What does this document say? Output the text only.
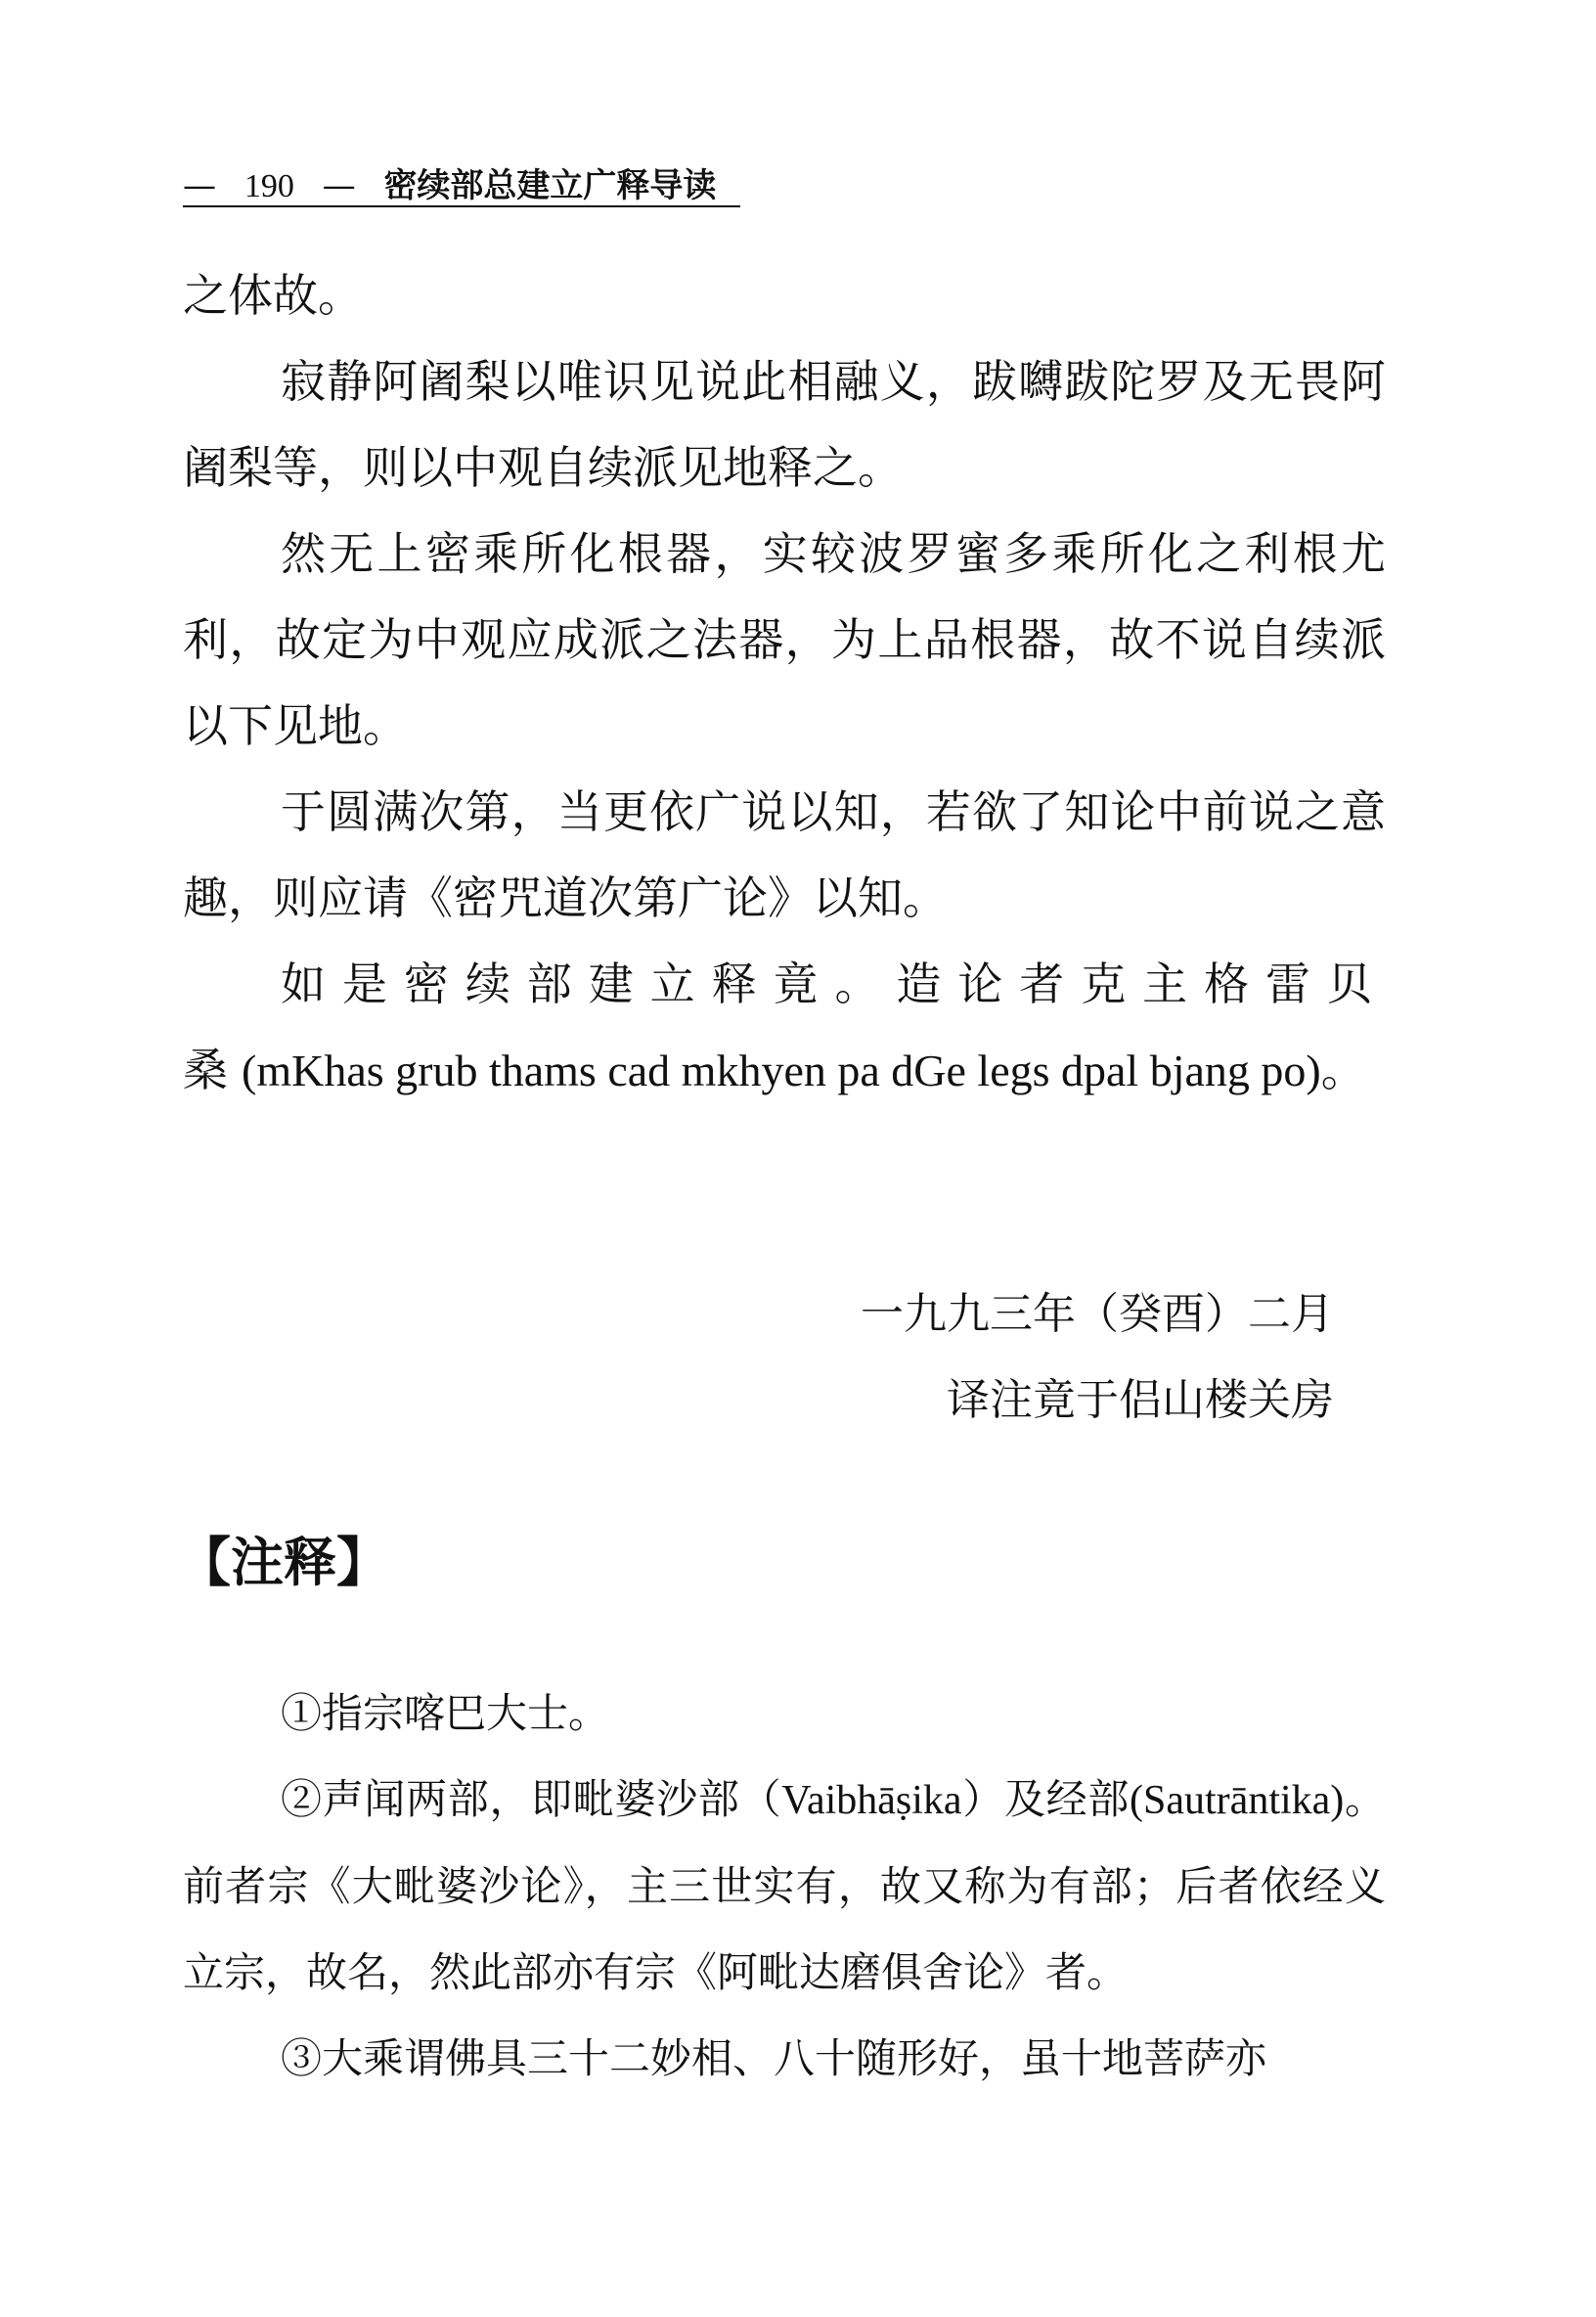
— 190 — 密续部总建立广释导读

之体故。

寂静阿阇梨以唯识见说此相融义，跋嚩跋陀罗及无畏阿阇梨等，则以中观自续派见地释之。

然无上密乘所化根器，实较波罗蜜多乘所化之利根尤利，故定为中观应成派之法器，为上品根器，故不说自续派以下见地。

于圆满次第，当更依广说以知，若欲了知论中前说之意趣，则应请《密咒道次第广论》以知。

如是密续部建立释竟。造论者克主格雷贝桑(mKhas grub thams cad mkhyen pa dGe legs dpal bjang po)。

一九九三年（癸酉）二月
译注竟于侣山楼关房
【注释】

①指宗喀巴大士。

②声闻两部，即毗婆沙部（Vaibhāṣika）及经部(Sautrāntika)。前者宗《大毗婆沙论》，主三世实有，故又称为有部；后者依经义立宗，故名，然此部亦有宗《阿毗达磨俱舍论》者。

③大乘谓佛具三十二妙相、八十随形好，虽十地菩萨亦
